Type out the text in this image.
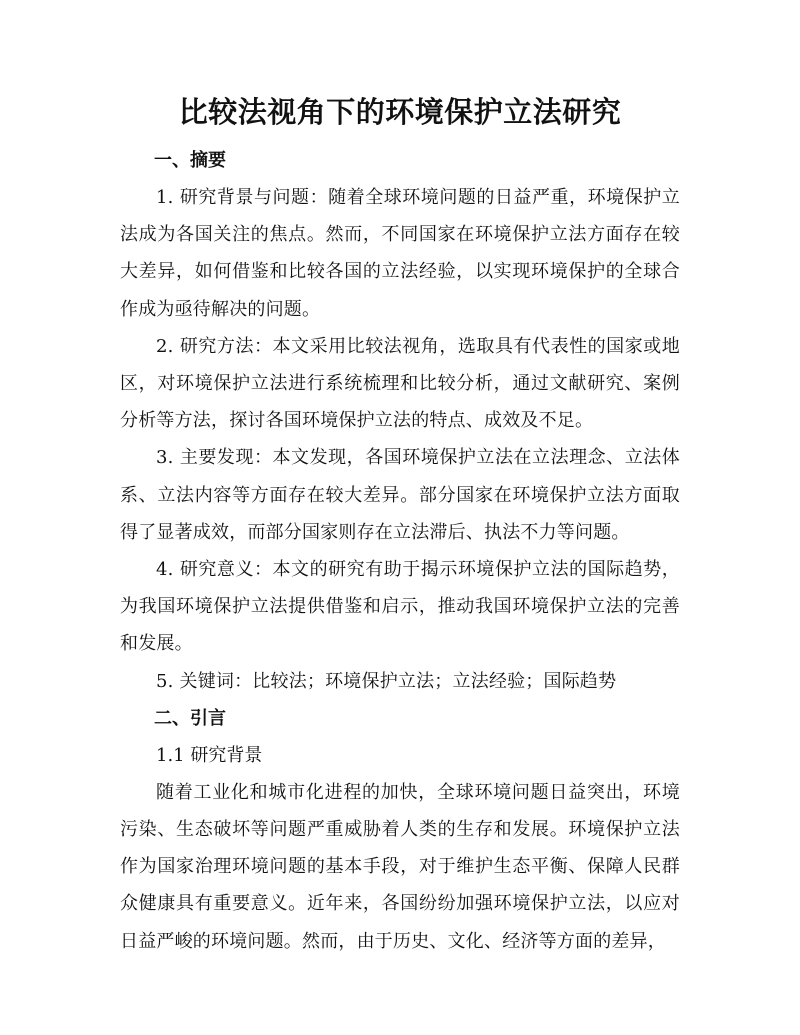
比较法视角下的环境保护立法研究
一、摘要

1. 研究背景与问题：随着全球环境问题的日益严重，环境保护立法成为各国关注的焦点。然而，不同国家在环境保护立法方面存在较大差异，如何借鉴和比较各国的立法经验，以实现环境保护的全球合作成为亟待解决的问题。

2. 研究方法：本文采用比较法视角，选取具有代表性的国家或地区，对环境保护立法进行系统梳理和比较分析，通过文献研究、案例分析等方法，探讨各国环境保护立法的特点、成效及不足。

3. 主要发现：本文发现，各国环境保护立法在立法理念、立法体系、立法内容等方面存在较大差异。部分国家在环境保护立法方面取得了显著成效，而部分国家则存在立法滞后、执法不力等问题。

4. 研究意义：本文的研究有助于揭示环境保护立法的国际趋势，为我国环境保护立法提供借鉴和启示，推动我国环境保护立法的完善和发展。

5. 关键词：比较法；环境保护立法；立法经验；国际趋势

二、引言

1.1 研究背景

随着工业化和城市化进程的加快，全球环境问题日益突出，环境污染、生态破坏等问题严重威胁着人类的生存和发展。环境保护立法作为国家治理环境问题的基本手段，对于维护生态平衡、保障人民群众健康具有重要意义。近年来，各国纷纷加强环境保护立法，以应对日益严峻的环境问题。然而，由于历史、文化、经济等方面的差异，
